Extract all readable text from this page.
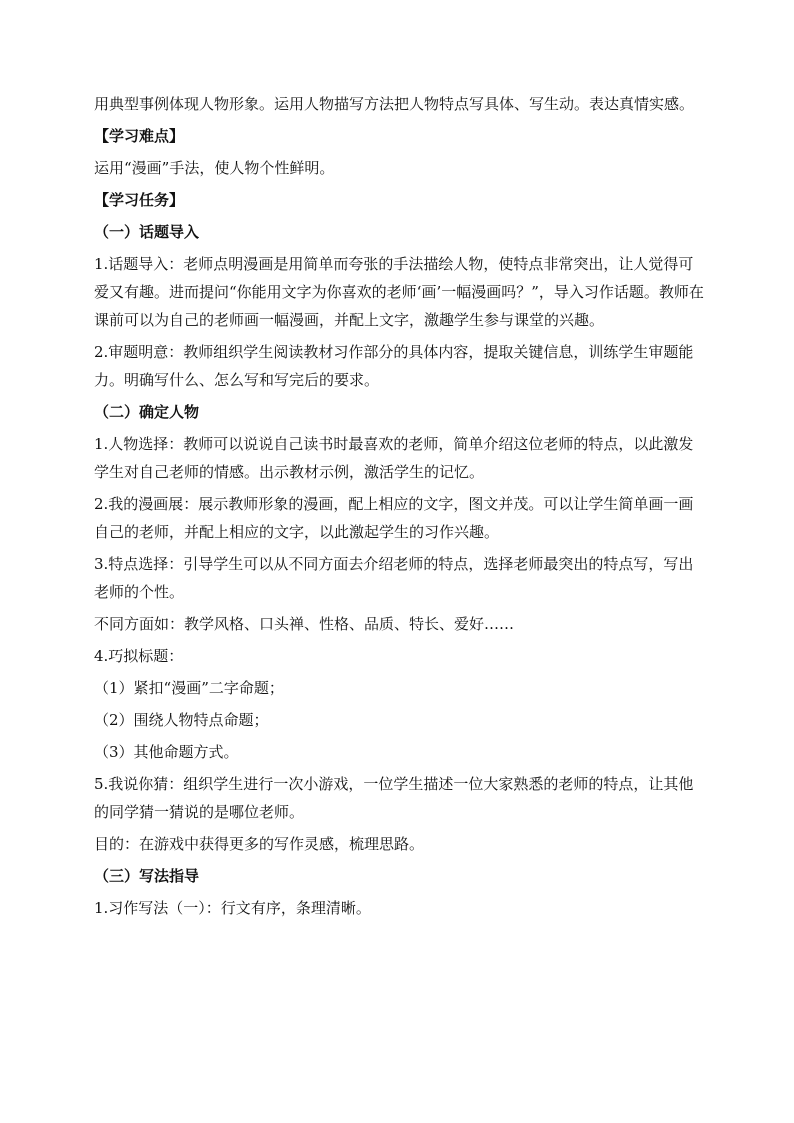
用典型事例体现人物形象。运用人物描写方法把人物特点写具体、写生动。表达真情实感。

【学习难点】

运用“漫画”手法，使人物个性鲜明。

【学习任务】

（一）话题导入

1.话题导入：老师点明漫画是用简单而夸张的手法描绘人物，使特点非常突出，让人觉得可爱又有趣。进而提问“你能用文字为你喜欢的老师‘画’一幅漫画吗？”，导入习作话题。教师在课前可以为自己的老师画一幅漫画，并配上文字，激趣学生参与课堂的兴趣。

2.审题明意：教师组织学生阅读教材习作部分的具体内容，提取关键信息，训练学生审题能力。明确写什么、怎么写和写完后的要求。

（二）确定人物

1.人物选择：教师可以说说自己读书时最喜欢的老师，简单介绍这位老师的特点，以此激发学生对自己老师的情感。出示教材示例，激活学生的记忆。

2.我的漫画展：展示教师形象的漫画，配上相应的文字，图文并茂。可以让学生简单画一画自己的老师，并配上相应的文字，以此激起学生的习作兴趣。

3.特点选择：引导学生可以从不同方面去介绍老师的特点，选择老师最突出的特点写，写出老师的个性。

不同方面如：教学风格、口头禅、性格、品质、特长、爱好……

4.巧拟标题：

（1）紧扣“漫画”二字命题；

（2）围绕人物特点命题；

（3）其他命题方式。

5.我说你猜：组织学生进行一次小游戏，一位学生描述一位大家熟悉的老师的特点，让其他的同学猜一猜说的是哪位老师。

目的：在游戏中获得更多的写作灵感，梳理思路。

（三）写法指导

1.习作写法（一）：行文有序，条理清晰。
